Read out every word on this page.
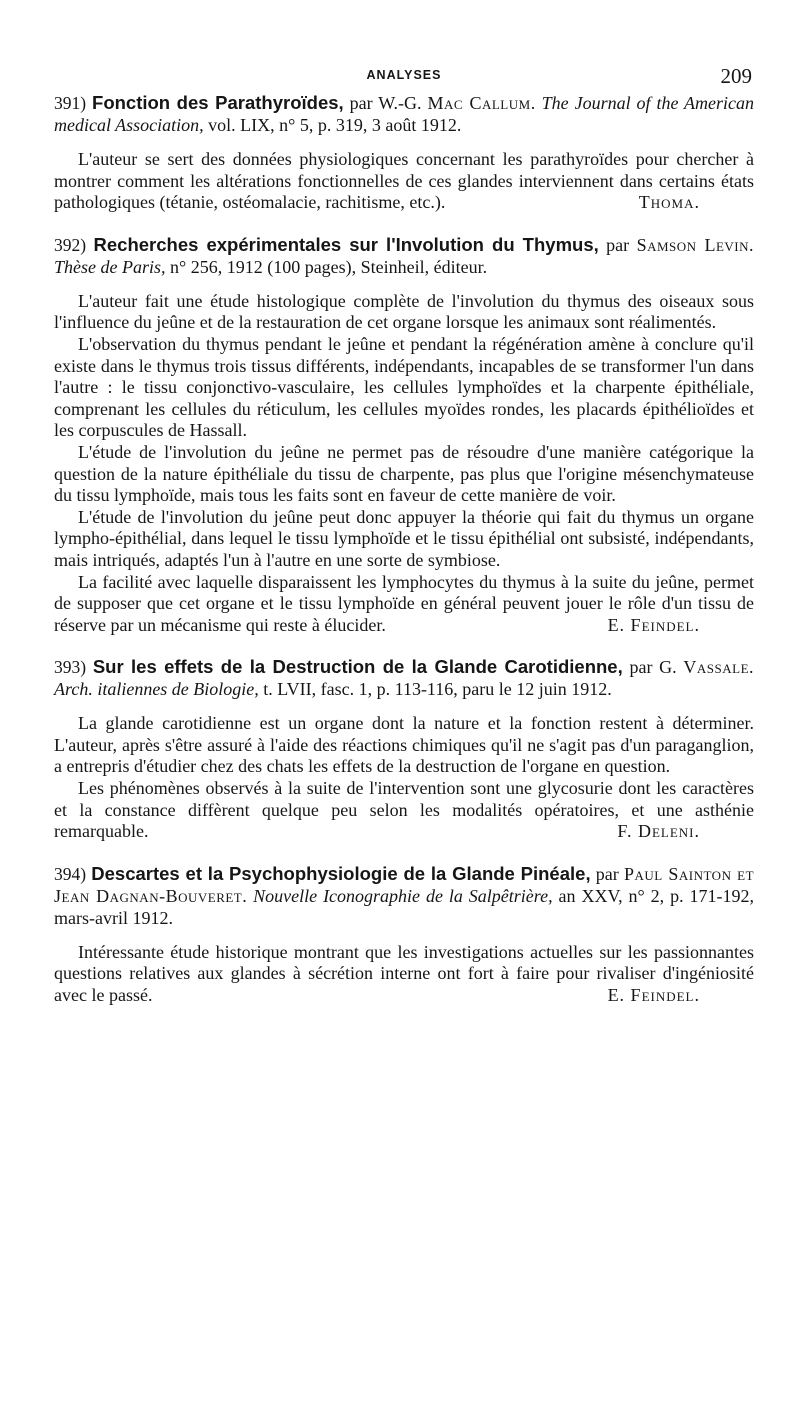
ANALYSES	209
391) Fonction des Parathyroïdes, par W.-G. Mac Callum. The Journal of the American medical Association, vol. LIX, n° 5, p. 319, 3 août 1912.

L'auteur se sert des données physiologiques concernant les parathyroïdes pour chercher à montrer comment les altérations fonctionnelles de ces glandes interviennent dans certains états pathologiques (tétanie, ostéomalacie, rachitisme, etc.).	Thoma.

392) Recherches expérimentales sur l'Involution du Thymus, par Samson Levin. Thèse de Paris, n° 256, 1912 (100 pages), Steinheil, éditeur.

L'auteur fait une étude histologique complète de l'involution du thymus des oiseaux sous l'influence du jeûne et de la restauration de cet organe lorsque les animaux sont réalimentés.

L'observation du thymus pendant le jeûne et pendant la régénération amène à conclure qu'il existe dans le thymus trois tissus différents, indépendants, incapables de se transformer l'un dans l'autre : le tissu conjonctivo-vasculaire, les cellules lymphoïdes et la charpente épithéliale, comprenant les cellules du réticulum, les cellules myoïdes rondes, les placards épithélioïdes et les corpuscules de Hassall.

L'étude de l'involution du jeûne ne permet pas de résoudre d'une manière catégorique la question de la nature épithéliale du tissu de charpente, pas plus que l'origine mésenchymateuse du tissu lymphoïde, mais tous les faits sont en faveur de cette manière de voir.

L'étude de l'involution du jeûne peut donc appuyer la théorie qui fait du thymus un organe lympho-épithélial, dans lequel le tissu lymphoïde et le tissu épithélial ont subsisté, indépendants, mais intriqués, adaptés l'un à l'autre en une sorte de symbiose.

La facilité avec laquelle disparaissent les lymphocytes du thymus à la suite du jeûne, permet de supposer que cet organe et le tissu lymphoïde en général peuvent jouer le rôle d'un tissu de réserve par un mécanisme qui reste à élucider.	E. Feindel.

393) Sur les effets de la Destruction de la Glande Carotidienne, par G. Vassale. Arch. italiennes de Biologie, t. LVII, fasc. 1, p. 113-116, paru le 12 juin 1912.

La glande carotidienne est un organe dont la nature et la fonction restent à déterminer. L'auteur, après s'être assuré à l'aide des réactions chimiques qu'il ne s'agit pas d'un paraganglion, a entrepris d'étudier chez des chats les effets de la destruction de l'organe en question.

Les phénomènes observés à la suite de l'intervention sont une glycosurie dont les caractères et la constance diffèrent quelque peu selon les modalités opératoires, et une asthénie remarquable.	F. Deleni.

394) Descartes et la Psychophysiologie de la Glande Pinéale, par Paul Sainton et Jean Dagnan-Bouveret. Nouvelle Iconographie de la Salpêtrière, an XXV, n° 2, p. 171-192, mars-avril 1912.

Intéressante étude historique montrant que les investigations actuelles sur les passionnantes questions relatives aux glandes à sécrétion interne ont fort à faire pour rivaliser d'ingéniosité avec le passé.	E. Feindel.
